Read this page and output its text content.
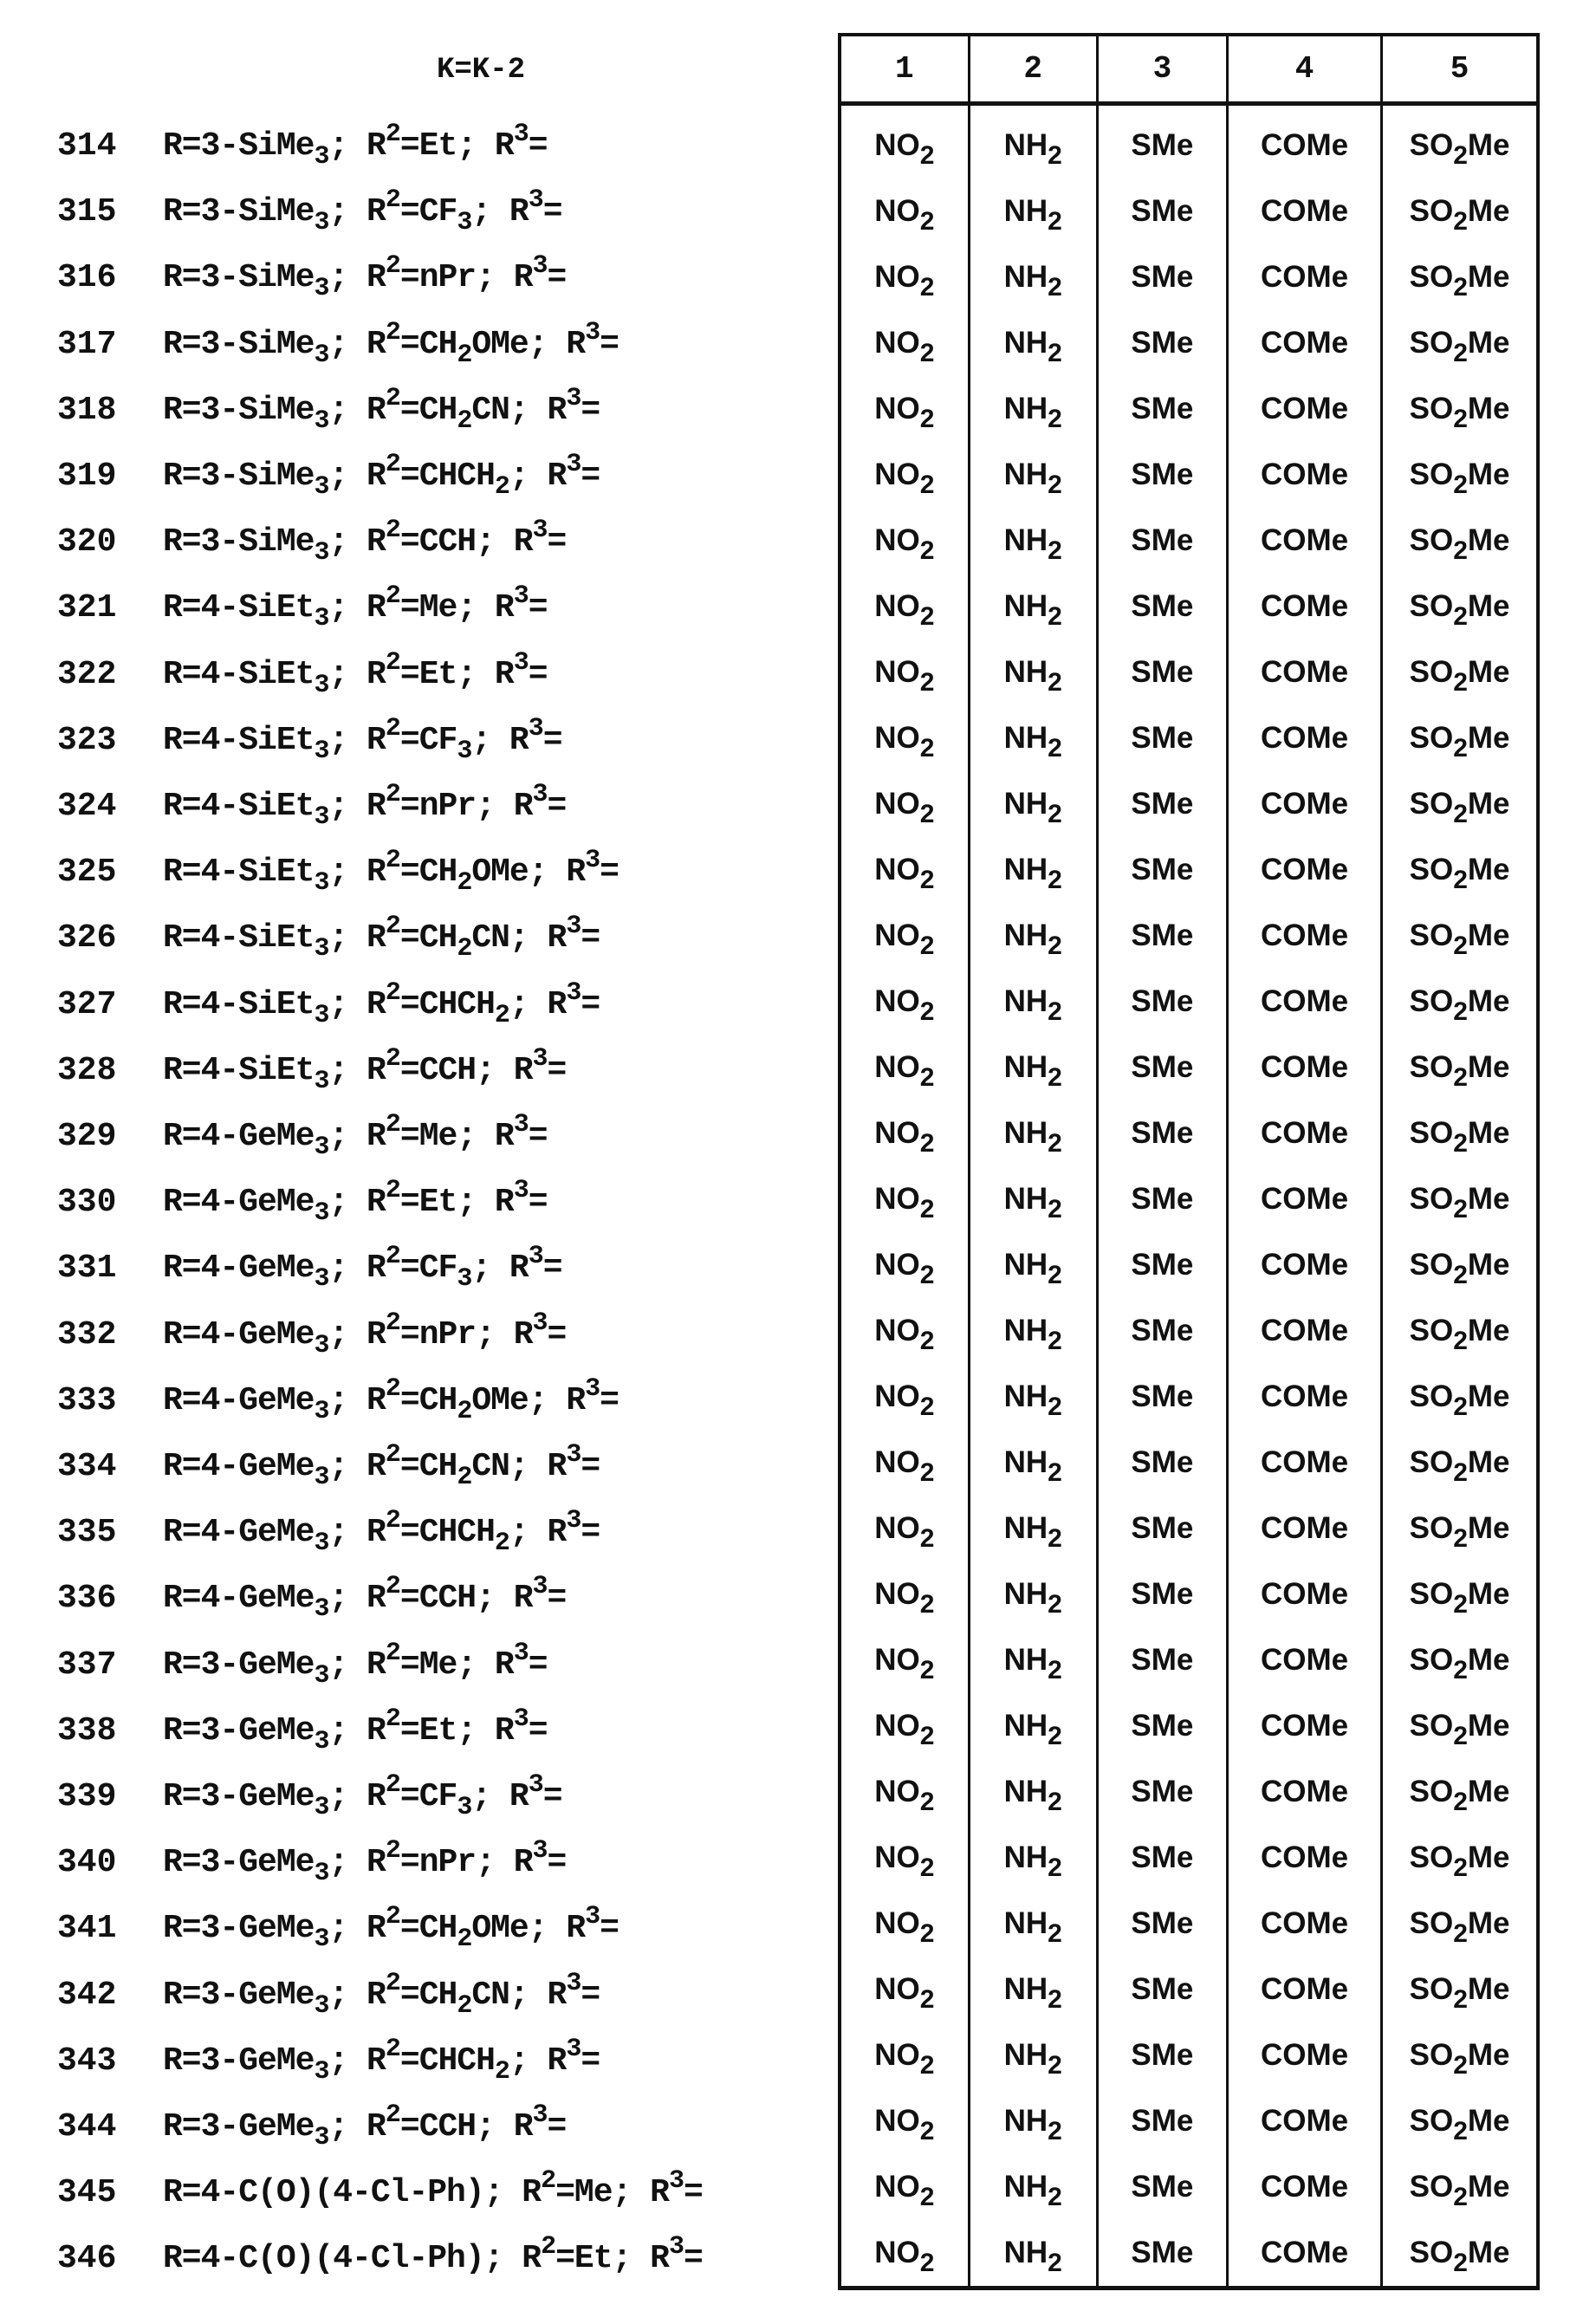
K=K-2
314 R=3-SiMe$_3$; $R^2=Et$; $R^3=$
315 R=3-SiMe$_3$; $R^2=CF_3$; $R^3=$
316 R=3-SiMe$_3$; $R^2=nPr$; $R^3=$
317 R=3-SiMe$_3$; $R^2=CH_2OMe$; $R^3=$
318 R=3-SiMe$_3$; $R^2=CH_2CN$; $R^3=$
319 R=3-SiMe$_3$; $R^2=CHCH_2$; $R^3=$
320 R=3-SiMe$_3$; $R^2=CCH$; $R^3=$
321 R=4-SiEt$_3$; $R^2=Me$; $R^3=$
322 R=4-SiEt$_3$; $R^2=Et$; $R^3=$
323 R=4-SiEt$_3$; $R^2=CF_3$; $R^3=$
324 R=4-SiEt$_3$; $R^2=nPr$; $R^3=$
325 R=4-SiEt$_3$; $R^2=CH_2OMe$; $R^3=$
326 R=4-SiEt$_3$; $R^2=CH_2CN$; $R^3=$
327 R=4-SiEt$_3$; $R^2=CHCH_2$; $R^3=$
328 R=4-SiEt$_3$; $R^2=CCH$; $R^3=$
329 R=4-GeMe$_3$; $R^2=Me$; $R^3=$
330 R=4-GeMe$_3$; $R^2=Et$; $R^3=$
331 R=4-GeMe$_3$; $R^2=CF_3$; $R^3=$
332 R=4-GeMe$_3$; $R^2=nPr$; $R^3=$
333 R=4-GeMe$_3$; $R^2=CH_2OMe$; $R^3=$
334 R=4-GeMe$_3$; $R^2=CH_2CN$; $R^3=$
335 R=4-GeMe$_3$; $R^2=CHCH_2$; $R^3=$
336 R=4-GeMe$_3$; $R^2=CCH$; $R^3=$
337 R=3-GeMe$_3$; $R^2=Me$; $R^3=$
338 R=3-GeMe$_3$; $R^2=Et$; $R^3=$
339 R=3-GeMe$_3$; $R^2=CF_3$; $R^3=$
340 R=3-GeMe$_3$; $R^2=nPr$; $R^3=$
341 R=3-GeMe$_3$; $R^2=CH_2OMe$; $R^3=$
342 R=3-GeMe$_3$; $R^2=CH_2CN$; $R^3=$
343 R=3-GeMe$_3$; $R^2=CHCH_2$; $R^3=$
344 R=3-GeMe$_3$; $R^2=CCH$; $R^3=$
345 R=4-C(O)(4-Cl-Ph); $R^2=Me$; $R^3=$
346 R=4-C(O)(4-Cl-Ph); $R^2=Et$; $R^3=$
1	2	3	4	5
$NO_2$	$NH_2$	SMe	COMe	$SO_2Me$
$NO_2$	$NH_2$	SMe	COMe	$SO_2Me$
$NO_2$	$NH_2$	SMe	COMe	$SO_2Me$
$NO_2$	$NH_2$	SMe	COMe	$SO_2Me$
$NO_2$	$NH_2$	SMe	COMe	$SO_2Me$
$NO_2$	$NH_2$	SMe	COMe	$SO_2Me$
$NO_2$	$NH_2$	SMe	COMe	$SO_2Me$
$NO_2$	$NH_2$	SMe	COMe	$SO_2Me$
$NO_2$	$NH_2$	SMe	COMe	$SO_2Me$
$NO_2$	$NH_2$	SMe	COMe	$SO_2Me$
$NO_2$	$NH_2$	SMe	COMe	$SO_2Me$
$NO_2$	$NH_2$	SMe	COMe	$SO_2Me$
$NO_2$	$NH_2$	SMe	COMe	$SO_2Me$
$NO_2$	$NH_2$	SMe	COMe	$SO_2Me$
$NO_2$	$NH_2$	SMe	COMe	$SO_2Me$
$NO_2$	$NH_2$	SMe	COMe	$SO_2Me$
$NO_2$	$NH_2$	SMe	COMe	$SO_2Me$
$NO_2$	$NH_2$	SMe	COMe	$SO_2Me$
$NO_2$	$NH_2$	SMe	COMe	$SO_2Me$
$NO_2$	$NH_2$	SMe	COMe	$SO_2Me$
$NO_2$	$NH_2$	SMe	COMe	$SO_2Me$
$NO_2$	$NH_2$	SMe	COMe	$SO_2Me$
$NO_2$	$NH_2$	SMe	COMe	$SO_2Me$
$NO_2$	$NH_2$	SMe	COMe	$SO_2Me$
$NO_2$	$NH_2$	SMe	COMe	$SO_2Me$
$NO_2$	$NH_2$	SMe	COMe	$SO_2Me$
$NO_2$	$NH_2$	SMe	COMe	$SO_2Me$
$NO_2$	$NH_2$	SMe	COMe	$SO_2Me$
$NO_2$	$NH_2$	SMe	COMe	$SO_2Me$
$NO_2$	$NH_2$	SMe	COMe	$SO_2Me$
$NO_2$	$NH_2$	SMe	COMe	$SO_2Me$
$NO_2$	$NH_2$	SMe	COMe	$SO_2Me$
$NO_2$	$NH_2$	SMe	COMe	$SO_2Me$
